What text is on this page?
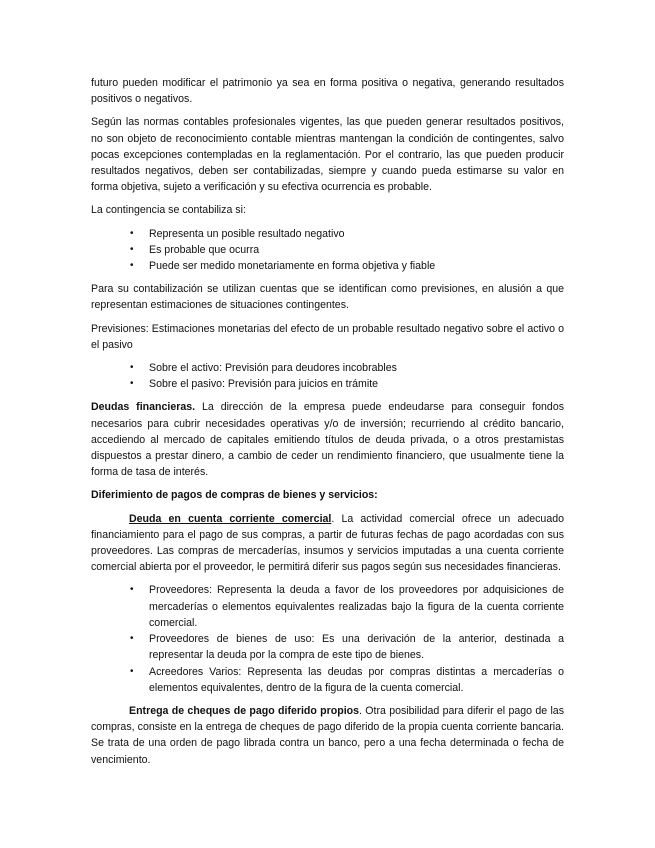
futuro pueden modificar el patrimonio ya sea en forma positiva o negativa, generando resultados positivos o negativos.

Según las normas contables profesionales vigentes, las que pueden generar resultados positivos, no son objeto de reconocimiento contable mientras mantengan la condición de contingentes, salvo pocas excepciones contempladas en la reglamentación. Por el contrario, las que pueden producir resultados negativos, deben ser contabilizadas, siempre y cuando pueda estimarse su valor en forma objetiva, sujeto a verificación y su efectiva ocurrencia es probable.

La contingencia se contabiliza si:

• Representa un posible resultado negativo
• Es probable que ocurra
• Puede ser medido monetariamente en forma objetiva y fiable

Para su contabilización se utilizan cuentas que se identifican como previsiones, en alusión a que representan estimaciones de situaciones contingentes.

Previsiones: Estimaciones monetarias del efecto de un probable resultado negativo sobre el activo o el pasivo

• Sobre el activo: Previsión para deudores incobrables
• Sobre el pasivo: Previsión para juicios en trámite

Deudas financieras. La dirección de la empresa puede endeudarse para conseguir fondos necesarios para cubrir necesidades operativas y/o de inversión; recurriendo al crédito bancario, accediendo al mercado de capitales emitiendo títulos de deuda privada, o a otros prestamistas dispuestos a prestar dinero, a cambio de ceder un rendimiento financiero, que usualmente tiene la forma de tasa de interés.

Diferimiento de pagos de compras de bienes y servicios:

Deuda en cuenta corriente comercial. La actividad comercial ofrece un adecuado financiamiento para el pago de sus compras, a partir de futuras fechas de pago acordadas con sus proveedores. Las compras de mercaderías, insumos y servicios imputadas a una cuenta corriente comercial abierta por el proveedor, le permitirá diferir sus pagos según sus necesidades financieras.

• Proveedores: Representa la deuda a favor de los proveedores por adquisiciones de mercaderías o elementos equivalentes realizadas bajo la figura de la cuenta corriente comercial.
• Proveedores de bienes de uso: Es una derivación de la anterior, destinada a representar la deuda por la compra de este tipo de bienes.
• Acreedores Varios: Representa las deudas por compras distintas a mercaderías o elementos equivalentes, dentro de la figura de la cuenta comercial.

Entrega de cheques de pago diferido propios. Otra posibilidad para diferir el pago de las compras, consiste en la entrega de cheques de pago diferido de la propia cuenta corriente bancaria. Se trata de una orden de pago librada contra un banco, pero a una fecha determinada o fecha de vencimiento.
